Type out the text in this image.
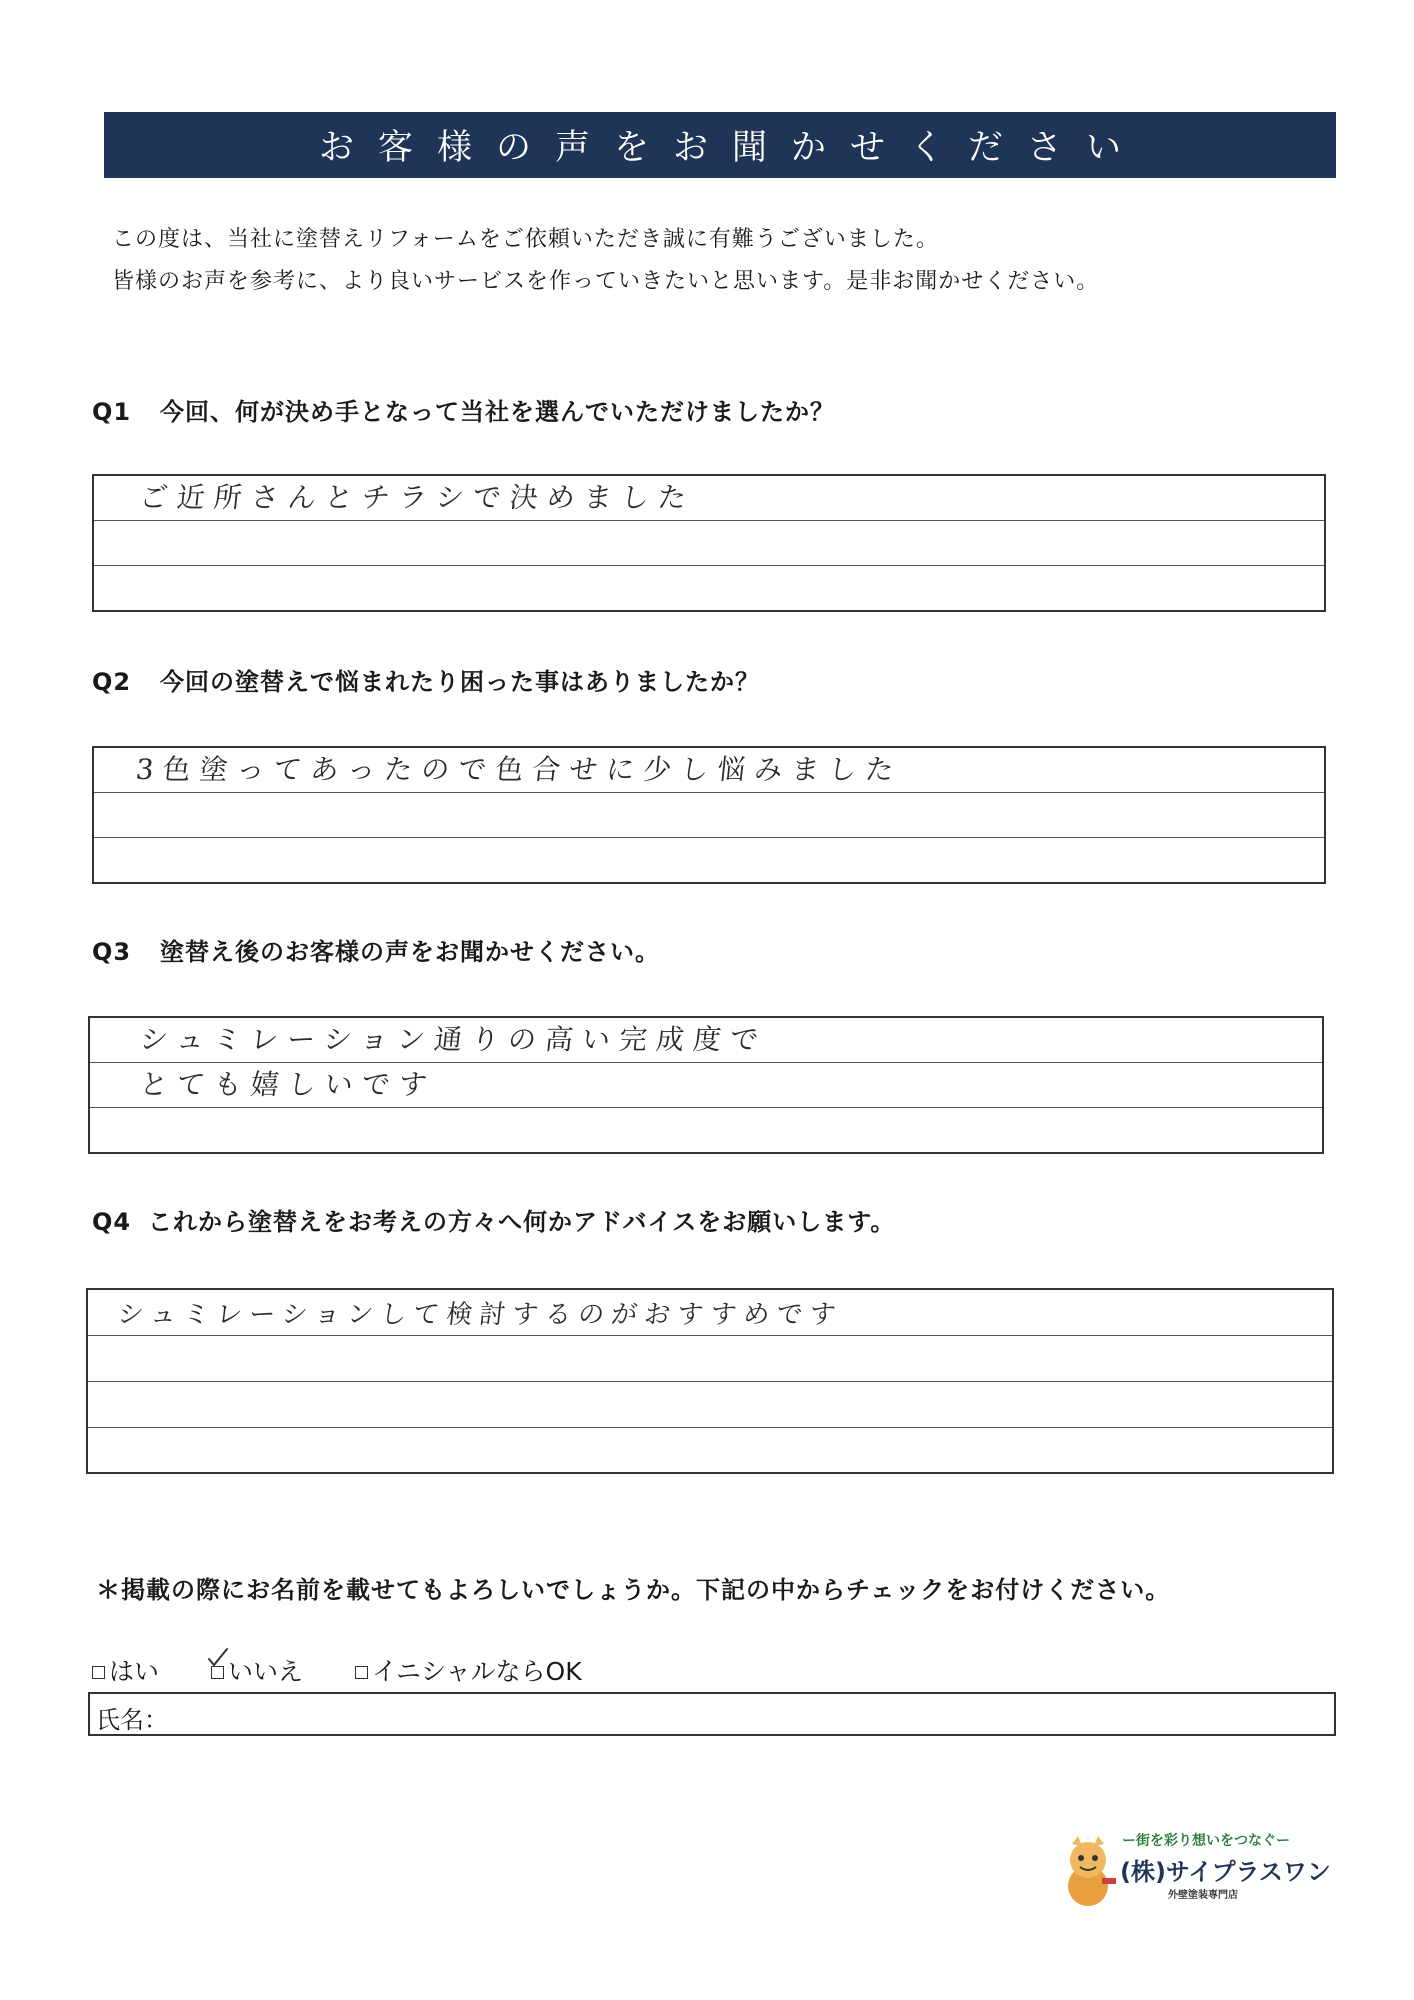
お客様の声をお聞かせください
この度は、当社に塗替えリフォームをご依頼いただき誠に有難うございました。
皆様のお声を参考に、より良いサービスを作っていきたいと思います。是非お聞かせください。
Q1 今回、何が決め手となって当社を選んでいただけましたか？
ご近所さんとチラシで決めました
Q2 今回の塗替えで悩まれたり困った事はありましたか？
3色塗ってあったので色合せに少し悩みました
Q3 塗替え後のお客様の声をお聞かせください。
シュミレーション通りの高い完成度で
とても嬉しいです
Q4 これから塗替えをお考えの方々へ何かアドバイスをお願いします。
シュミレーションして検討するのがおすすめです
＊掲載の際にお名前を載せてもよろしいでしょうか。下記の中からチェックをお付けください。
はい	いいえ	イニシャルならOK
氏名：
ー街を彩り想いをつなぐー
(株)サイプラスワン
外壁塗装専門店
